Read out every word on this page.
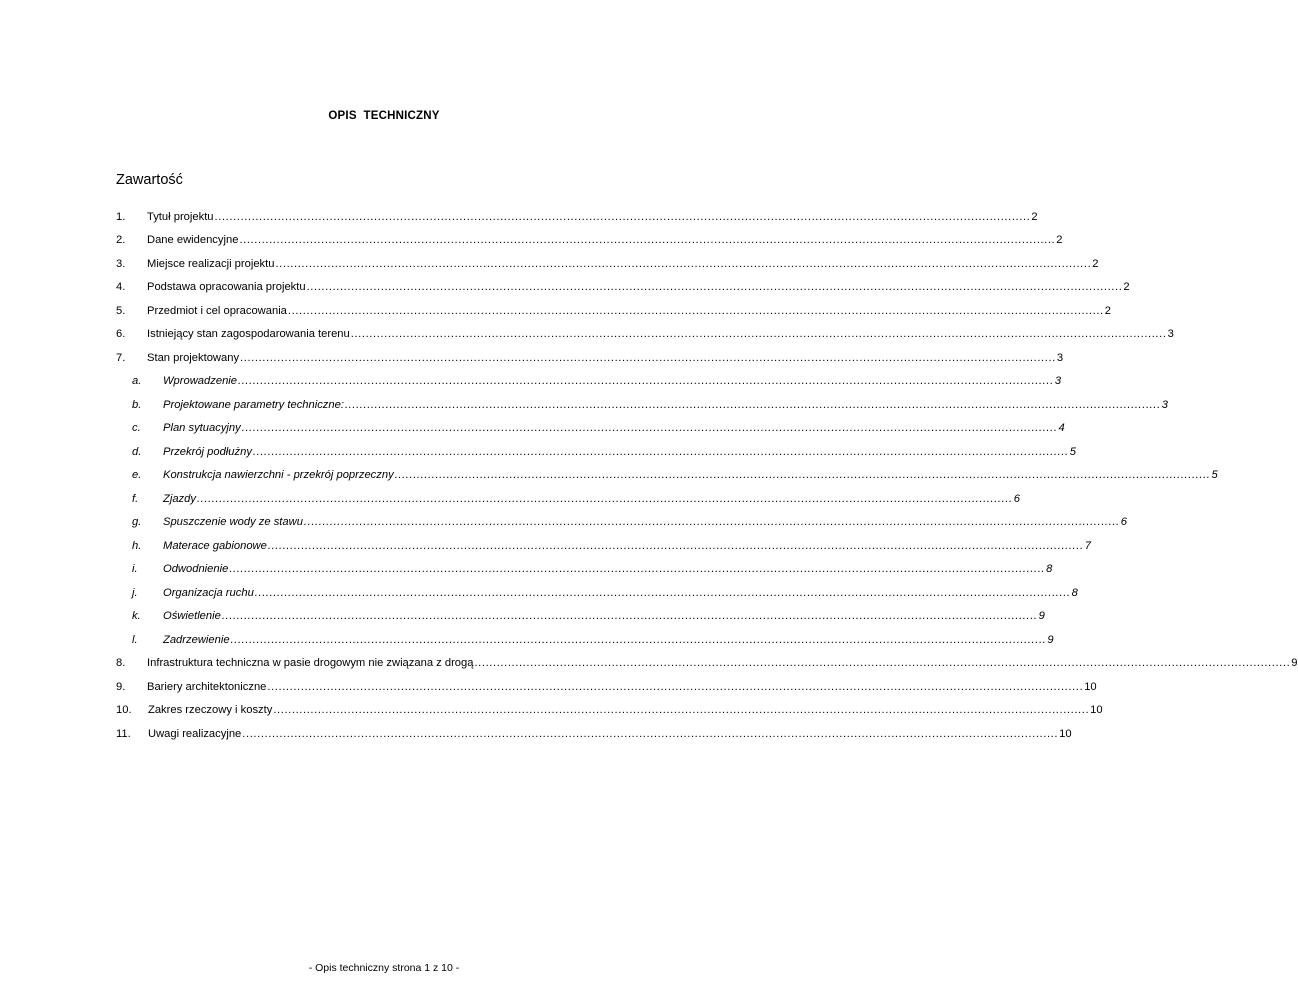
OPIS  TECHNICZNY
Zawartość
1. Tytuł projektu ............................................................................................................................................................................................................................ 2
2. Dane ewidencyjne ............................................................................................................................................................................................................................ 2
3. Miejsce realizacji projektu ............................................................................................................................................................................................................................ 2
4. Podstawa opracowania projektu ............................................................................................................................................................................................................................ 2
5. Przedmiot i cel opracowania ............................................................................................................................................................................................................................ 2
6. Istniejący stan zagospodarowania terenu ............................................................................................................................................................................................................................ 3
7. Stan projektowany ............................................................................................................................................................................................................................ 3
a. Wprowadzenie ............................................................................................................................................................................................................................ 3
b. Projektowane parametry techniczne: ............................................................................................................................................................................................................................ 3
c. Plan sytuacyjny ............................................................................................................................................................................................................................ 4
d. Przekrój podłużny ............................................................................................................................................................................................................................ 5
e. Konstrukcja nawierzchni - przekrój poprzeczny ............................................................................................................................................................................................................................ 5
f. Zjazdy ............................................................................................................................................................................................................................ 6
g. Spuszczenie wody ze stawu ............................................................................................................................................................................................................................ 6
h. Materace gabionowe ............................................................................................................................................................................................................................ 7
i. Odwodnienie ............................................................................................................................................................................................................................ 8
j. Organizacja ruchu ............................................................................................................................................................................................................................ 8
k. Oświetlenie ............................................................................................................................................................................................................................ 9
l. Zadrzewienie ............................................................................................................................................................................................................................ 9
8. Infrastruktura techniczna w pasie drogowym nie związana z drogą ............................................................................................................................................................................................................................ 9
9. Bariery architektoniczne ............................................................................................................................................................................................................................ 10
10. Zakres rzeczowy i koszty ............................................................................................................................................................................................................................ 10
11. Uwagi realizacyjne ............................................................................................................................................................................................................................ 10
- Opis techniczny strona 1 z 10 -
